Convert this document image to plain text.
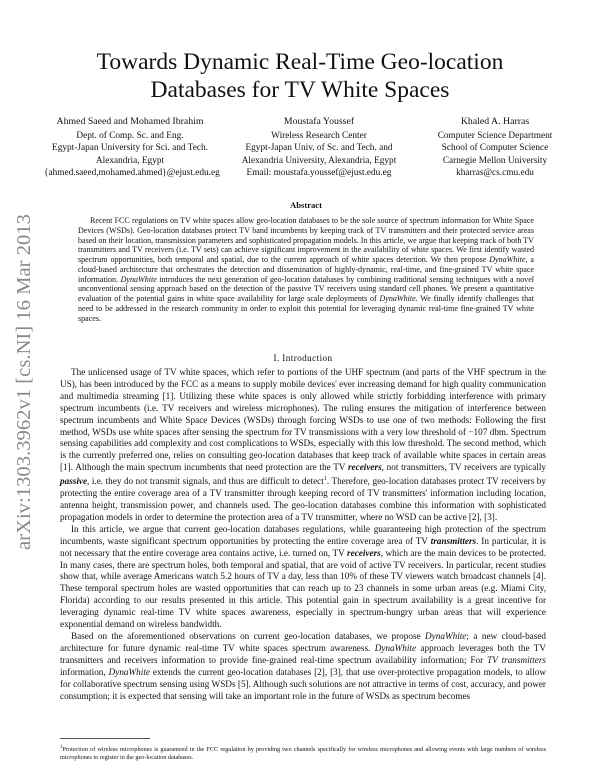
arXiv:1303.3962v1 [cs.NI] 16 Mar 2013
Towards Dynamic Real-Time Geo-location Databases for TV White Spaces
Ahmed Saeed and Mohamed Ibrahim
Dept. of Comp. Sc. and Eng.
Egypt-Japan University for Sci. and Tech.
Alexandria, Egypt
{ahmed.saeed,mohamed.ahmed}@ejust.edu.eg
Moustafa Youssef
Wireless Research Center
Egypt-Japan Univ. of Sc. and Tech. and
Alexandria University, Alexandria, Egypt
Email: moustafa.youssef@ejust.edu.eg
Khaled A. Harras
Computer Science Department
School of Computer Science
Carnegie Mellon University
kharras@cs.cmu.edu
Abstract

Recent FCC regulations on TV white spaces allow geo-location databases to be the sole source of spectrum information for White Space Devices (WSDs). Geo-location databases protect TV band incumbents by keeping track of TV transmitters and their protected service areas based on their location, transmission parameters and sophisticated propagation models. In this article, we argue that keeping track of both TV transmitters and TV receivers (i.e. TV sets) can achieve significant improvement in the availability of white spaces. We first identify wasted spectrum opportunities, both temporal and spatial, due to the current approach of white spaces detection. We then propose DynaWhite, a cloud-based architecture that orchestrates the detection and dissemination of highly-dynamic, real-time, and fine-grained TV white space information. DynaWhite introduces the next generation of geo-location databases by combining traditional sensing techniques with a novel unconventional sensing approach based on the detection of the passive TV receivers using standard cell phones. We present a quantitative evaluation of the potential gains in white space availability for large scale deployments of DynaWhite. We finally identify challenges that need to be addressed in the research community in order to exploit this potential for leveraging dynamic real-time fine-grained TV white spaces.

I. Introduction

The unlicensed usage of TV white spaces, which refer to portions of the UHF spectrum (and parts of the VHF spectrum in the US), has been introduced by the FCC as a means to supply mobile devices' ever increasing demand for high quality communication and multimedia streaming [1]. Utilizing these white spaces is only allowed while strictly forbidding interference with primary spectrum incumbents (i.e. TV receivers and wireless microphones). The ruling ensures the mitigation of interference between spectrum incumbents and White Space Devices (WSDs) through forcing WSDs to use one of two methods: Following the first method, WSDs use white spaces after sensing the spectrum for TV transmissions with a very low threshold of −107 dbm. Spectrum sensing capabilities add complexity and cost complications to WSDs, especially with this low threshold. The second method, which is the currently preferred one, relies on consulting geo-location databases that keep track of available white spaces in certain areas [1]. Although the main spectrum incumbents that need protection are the TV receivers, not transmitters, TV receivers are typically passive, i.e. they do not transmit signals, and thus are difficult to detect$^1$. Therefore, geo-location databases protect TV receivers by protecting the entire coverage area of a TV transmitter through keeping record of TV transmitters' information including location, antenna height, transmission power, and channels used. The geo-location databases combine this information with sophisticated propagation models in order to determine the protection area of a TV transmitter, where no WSD can be active [2], [3].

In this article, we argue that current geo-location databases regulations, while guaranteeing high protection of the spectrum incumbents, waste significant spectrum opportunities by protecting the entire coverage area of TV transmitters. In particular, it is not necessary that the entire coverage area contains active, i.e. turned on, TV receivers, which are the main devices to be protected. In many cases, there are spectrum holes, both temporal and spatial, that are void of active TV receivers. In particular, recent studies show that, while average Americans watch 5.2 hours of TV a day, less than 10% of these TV viewers watch broadcast channels [4]. These temporal spectrum holes are wasted opportunities that can reach up to 23 channels in some urban areas (e.g. Miami City, Florida) according to our results presented in this article. This potential gain in spectrum availability is a great incentive for leveraging dynamic real-time TV white spaces awareness, especially in spectrum-hungry urban areas that will experience exponential demand on wireless bandwidth.

Based on the aforementioned observations on current geo-location databases, we propose DynaWhite; a new cloud-based architecture for future dynamic real-time TV white spaces spectrum awareness. DynaWhite approach leverages both the TV transmitters and receivers information to provide fine-grained real-time spectrum availability information; For TV transmitters information, DynaWhite extends the current geo-location databases [2], [3], that use over-protective propagation models, to allow for collaborative spectrum sensing using WSDs [5]. Although such solutions are not attractive in terms of cost, accuracy, and power consumption; it is expected that sensing will take an important role in the future of WSDs as spectrum becomes

$^1$Protection of wireless microphones is guaranteed in the FCC regulation by providing two channels specifically for wireless microphones and allowing events with large numbers of wireless microphones to register in the geo-location databases.
